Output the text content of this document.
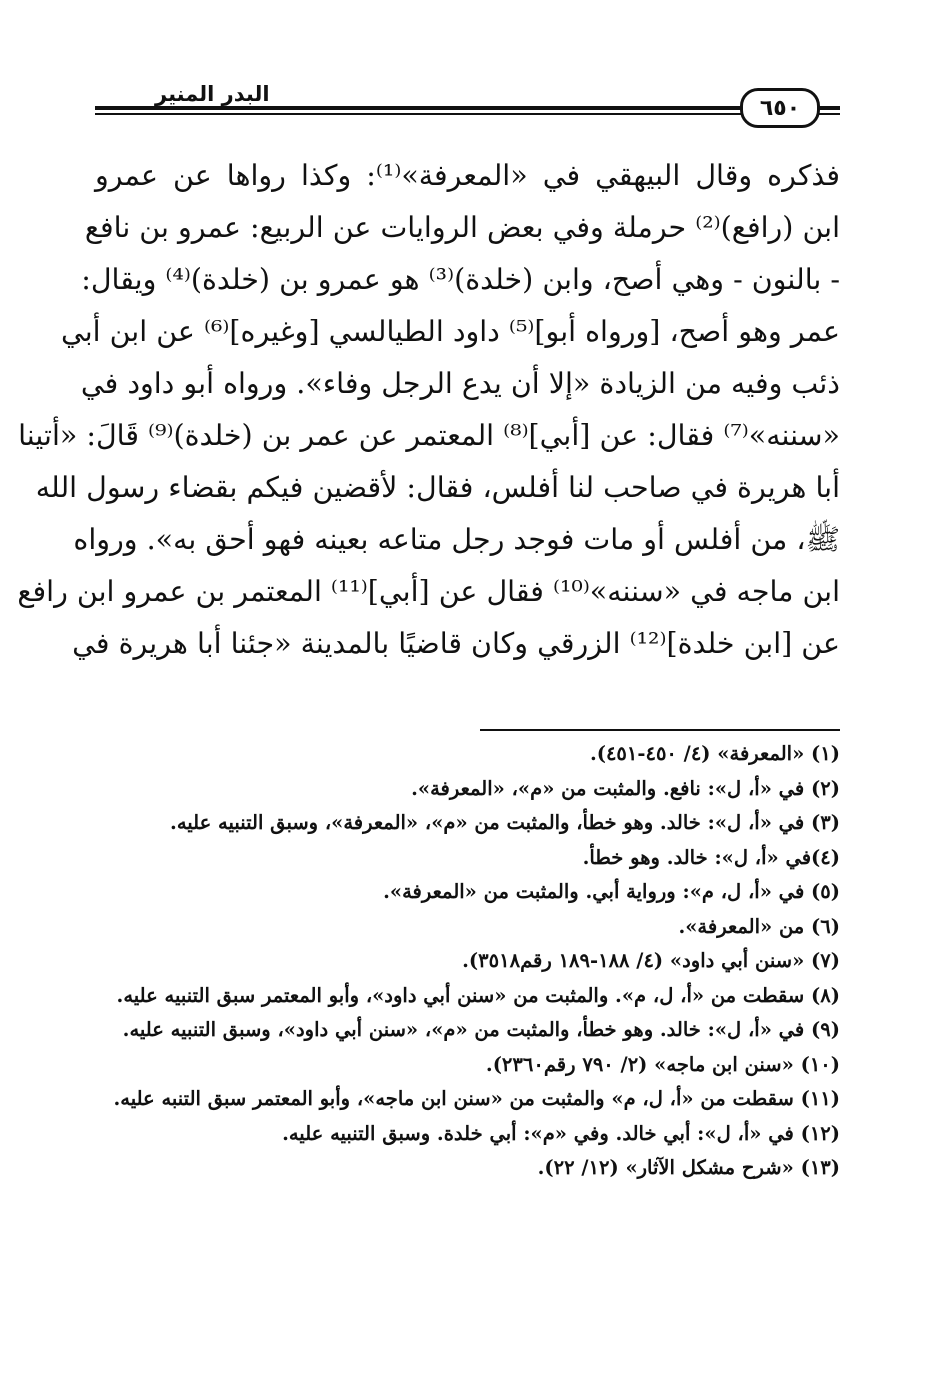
البدر المنير
٦٥٠
فذكره وقال البيهقي في «المعرفة»⁽¹⁾: وكذا رواها عن عمرو
ابن (رافع)⁽²⁾ حرملة وفي بعض الروايات عن الربيع: عمرو بن نافع
- بالنون - وهي أصح، وابن (خلدة)⁽³⁾ هو عمرو بن (خلدة)⁽⁴⁾ ويقال:
عمر وهو أصح، [ورواه أبو]⁽⁵⁾ داود الطيالسي [وغيره]⁽⁶⁾ عن ابن أبي
ذئب وفيه من الزيادة «إلا أن يدع الرجل وفاء». ورواه أبو داود في
«سننه»⁽⁷⁾ فقال: عن [أبي]⁽⁸⁾ المعتمر عن عمر بن (خلدة)⁽⁹⁾ قَالَ: «أتينا
أبا هريرة في صاحب لنا أفلس، فقال: لأقضين فيكم بقضاء رسول الله
ﷺ، من أفلس أو مات فوجد رجل متاعه بعينه فهو أحق به». ورواه
ابن ماجه في «سننه»⁽¹⁰⁾ فقال عن [أبي]⁽¹¹⁾ المعتمر بن عمرو ابن رافع
عن [ابن خلدة]⁽¹²⁾ الزرقي وكان قاضيًا بالمدينة «جئنا أبا هريرة في
(١) «المعرفة» (٤/ ٤٥٠-٤٥١).
(٢) في «أ، ل»: نافع. والمثبت من «م»، «المعرفة».
(٣) في «أ، ل»: خالد. وهو خطأ، والمثبت من «م»، «المعرفة»، وسبق التنبيه عليه.
(٤)في «أ، ل»: خالد. وهو خطأ.
(٥) في «أ، ل، م»: ورواية أبي. والمثبت من «المعرفة».
(٦) من «المعرفة».
(٧) «سنن أبي داود» (٤/ ١٨٨-١٨٩ رقم٣٥١٨).
(٨) سقطت من «أ، ل، م». والمثبت من «سنن أبي داود»، وأبو المعتمر سبق التنبيه عليه.
(٩) في «أ، ل»: خالد. وهو خطأ، والمثبت من «م»، «سنن أبي داود»، وسبق التنبيه عليه.
(١٠) «سنن ابن ماجه» (٢/ ٧٩٠ رقم٢٣٦٠).
(١١) سقطت من «أ، ل، م» والمثبت من «سنن ابن ماجه»، وأبو المعتمر سبق التنبه عليه.
(١٢) في «أ، ل»: أبي خالد. وفي «م»: أبي خلدة. وسبق التنبيه عليه.
(١٣) «شرح مشكل الآثار» (١٢/ ٢٢).
